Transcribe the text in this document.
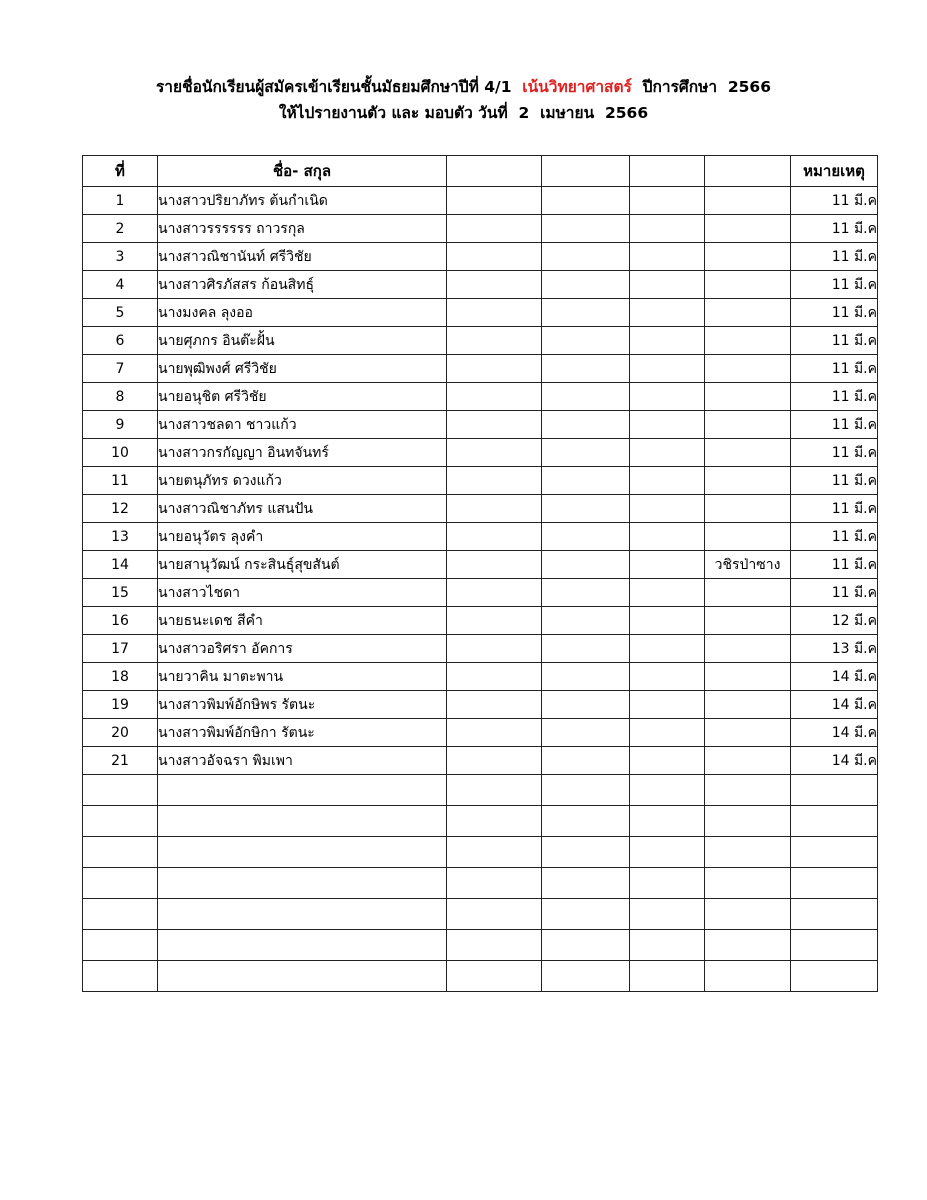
รายชื่อนักเรียนผู้สมัครเข้าเรียนชั้นมัธยมศึกษาปีที่ 4/1  เน้นวิทยาศาสตร์  ปีการศึกษา  2566
ให้ไปรายงานตัว และ มอบตัว วันที่  2  เมษายน  2566
ที่	ชื่อ- สกุล					หมายเหตุ
1	นางสาวปริยาภัทร ต้นกำเนิด					11 มี.ค
2	นางสาวรรรรรร ถาวรกุล					11 มี.ค
3	นางสาวณิชานันท์ ศรีวิชัย					11 มี.ค
4	นางสาวศิรภัสสร ก้อนสิทธุ์					11 มี.ค
5	นางมงคล ลุงออ					11 มี.ค
6	นายศุภกร อินต๊ะฝั้น					11 มี.ค
7	นายพุฒิพงศ์ ศรีวิชัย					11 มี.ค
8	นายอนุชิต ศรีวิชัย					11 มี.ค
9	นางสาวชลดา ชาวแก้ว					11 มี.ค
10	นางสาวกรกัญญา อินทจันทร์					11 มี.ค
11	นายตนุภัทร ดวงแก้ว					11 มี.ค
12	นางสาวณิชาภัทร แสนปัน					11 มี.ค
13	นายอนุวัตร ลุงคำ					11 มี.ค
14	นายสานุวัฒน์ กระสินธุ์สุขสันต์				วชิรป่าซาง	11 มี.ค
15	นางสาวไชดา					11 มี.ค
16	นายธนะเดช สีคำ					12 มี.ค
17	นางสาวอริศรา อัคการ					13 มี.ค
18	นายวาคิน มาตะพาน					14 มี.ค
19	นางสาวพิมพ์อักษิพร รัตนะ					14 มี.ค
20	นางสาวพิมพ์อักษิกา รัตนะ					14 มี.ค
21	นางสาวอัจฉรา พิมเพา					14 มี.ค
